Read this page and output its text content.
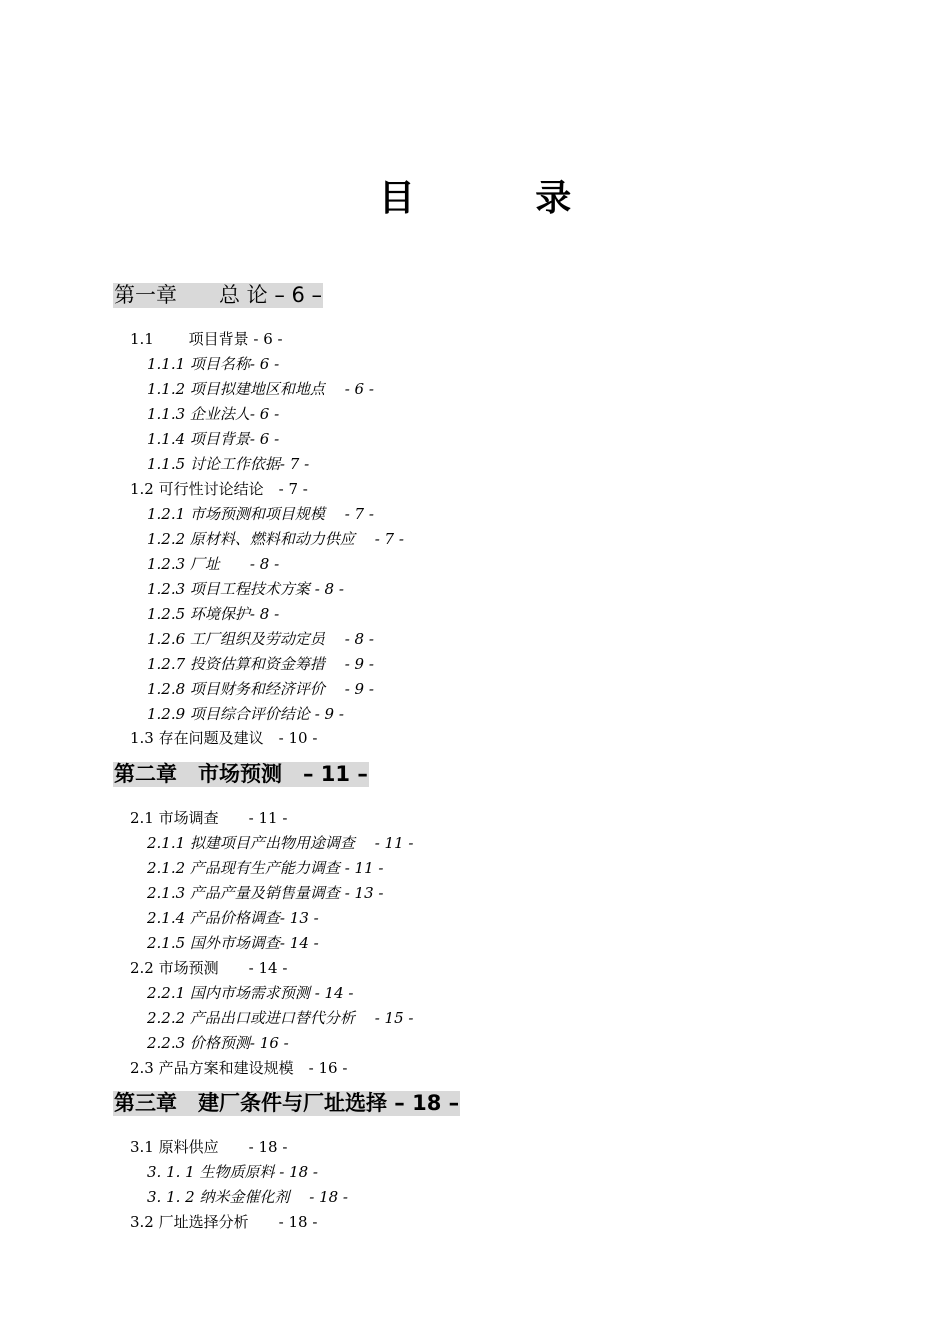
目 录
第一章　　总 论 – 6 –
1.1 　　项目背景 - 6 -
1.1.1 项目名称- 6 -
1.1.2 项目拟建地区和地点　 - 6 -
1.1.3 企业法人- 6 -
1.1.4 项目背景- 6 -
1.1.5 讨论工作依据- 7 -
1.2 可行性讨论结论　- 7 -
1.2.1 市场预测和项目规模　 - 7 -
1.2.2 原材料、燃料和动力供应　 - 7 -
1.2.3 厂址　　- 8 -
1.2.3 项目工程技术方案 - 8 -
1.2.5 环境保护- 8 -
1.2.6 工厂组织及劳动定员　 - 8 -
1.2.7 投资估算和资金筹措　 - 9 -
1.2.8 项目财务和经济评价　 - 9 -
1.2.9 项目综合评价结论 - 9 -
1.3 存在问题及建议　- 10 -
第二章　市场预测　– 11 –
2.1 市场调查　　- 11 -
2.1.1 拟建项目产出物用途调查　 - 11 -
2.1.2 产品现有生产能力调查 - 11 -
2.1.3 产品产量及销售量调查 - 13 -
2.1.4 产品价格调查- 13 -
2.1.5 国外市场调查- 14 -
2.2 市场预测　　- 14 -
2.2.1 国内市场需求预测 - 14 -
2.2.2 产品出口或进口替代分析　 - 15 -
2.2.3 价格预测- 16 -
2.3 产品方案和建设规模　- 16 -
第三章　建厂条件与厂址选择 – 18 –
3.1 原料供应　　- 18 -
3. 1. 1 生物质原料 - 18 -
3. 1. 2 纳米金催化剂　 - 18 -
3.2 厂址选择分析　　- 18 -
